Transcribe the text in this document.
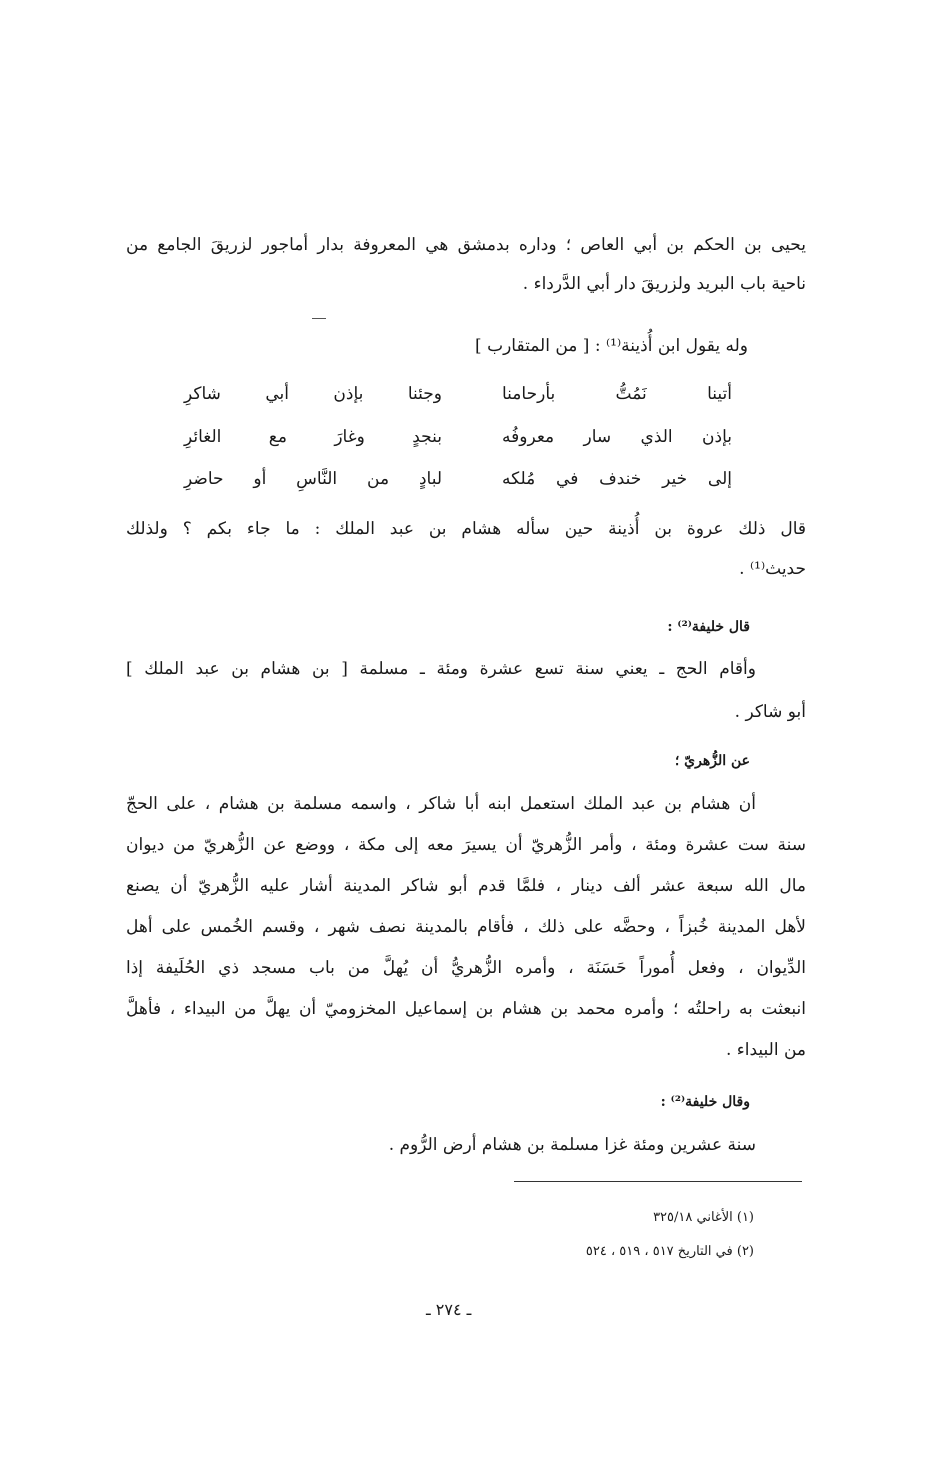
يحيى بن الحكم بن أبي العاص ؛ وداره بدمشق هي المعروفة بدار أماجور لزريقَ الجامع من
ناحية باب البريد ولزريقَ دار أبي الدَّرداء .
وله يقول ابن أُذينة⁽¹⁾ : [ من المتقارب ]
أتينا نَمُتُّ بأرحامنا
وجئنا بإذن أبي شاكرِ
بإذن الذي سار معروفُه
بنجدٍ وغارَ مع الغائرِ
إلى خير خندف في مُلكه
لبادٍ من النَّاسِ أو حاضرِ
قال ذلك عروة بن أُذينة حين سأله هشام بن عبد الملك : ما جاء بكم ؟ ولذلك
حديث⁽¹⁾ .
قال خليفة⁽²⁾ :
وأقام الحج ـ يعني سنة تسع عشرة ومئة ـ مسلمة [ بن هشام بن عبد الملك ]
أبو شاكر .
عن الزُّهريّ ؛
أن هشام بن عبد الملك استعمل ابنه أبا شاكر ، واسمه مسلمة بن هشام ، على الحجّ
سنة ست عشرة ومئة ، وأمر الزُّهريّ أن يسيرَ معه إلى مكة ، ووضع عن الزُّهريّ من ديوان
مال الله سبعة عشر ألف دينار ، فلمَّا قدم أبو شاكر المدينة أشار عليه الزُّهريّ أن يصنع
لأهل المدينة خُبزاً ، وحضَّه على ذلك ، فأقام بالمدينة نصف شهر ، وقسم الخُمس على أهل
الدِّيوان ، وفعل أُموراً حَسَنَة ، وأمره الزُّهريُّ أن يُهلَّ من باب مسجد ذي الحُلَيفة إذا
انبعثت به راحلتُه ؛ وأمره محمد بن هشام بن إسماعيل المخزوميّ أن يهلَّ من البيداء ، فأهلَّ
من البيداء .
وقال خليفة⁽²⁾ :
سنة عشرين ومئة غزا مسلمة بن هشام أرض الرُّوم .
(١) الأغاني ٣٢٥/١٨
(٢) في التاريخ ٥١٧ ، ٥١٩ ، ٥٢٤
ـ ٢٧٤ ـ
